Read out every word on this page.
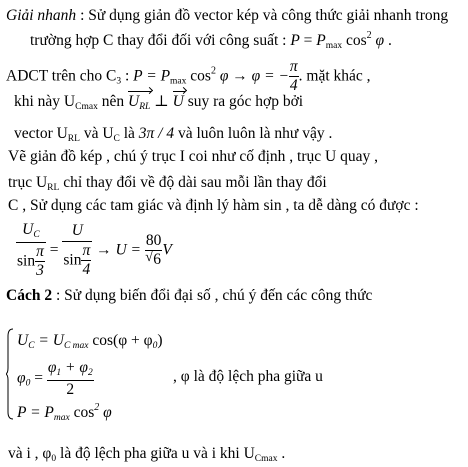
Giải nhanh : Sử dụng giản đồ vector kép và công thức giải nhanh trong
trường hợp C thay đổi đối với công suất : $P = P_{max}$ $\cos^2 \varphi$ .
ADCT trên cho $C_3$ : $P = P_{max}$ $\cos^2 \varphi \to \varphi$ = − $\frac{\pi}{4}$ . mặt khác ,
khi này $U_{Cmax}$ nên $U_{RL}$ ⊥ U suy ra góc hợp bởi
vector $U_{RL}$ và $U_C$ là 3π / 4 và luôn luôn là như vậy .
Vẽ giản đồ kép , chú ý trục I coi như cố định , trục U quay ,
trục $U_{RL}$ chỉ thay đổi về độ dài sau mỗi lần thay đổi
C , Sử dụng các tam giác và định lý hàm sin , ta dễ dàng có được :
$\frac{U_C}{\sin \frac{\pi}{3}} = \frac{U}{\sin \frac{\pi}{4}} \to U = 80$
√ 6 V
Cách 2 : Sử dụng biến đổi đại số , chú ý đến các công thức
$U_C = U_{C max}$ $\cos(\varphi + \varphi_0)$
$\varphi_0 = \frac{\varphi_1 + \varphi_2}{2}$
$P = P_{max}$ $\cos^2 \varphi$
, φ là độ lệch pha giữa u
và i , $\varphi_0$ là độ lệch pha giữa u và i khi $U_{Cmax}$ .
